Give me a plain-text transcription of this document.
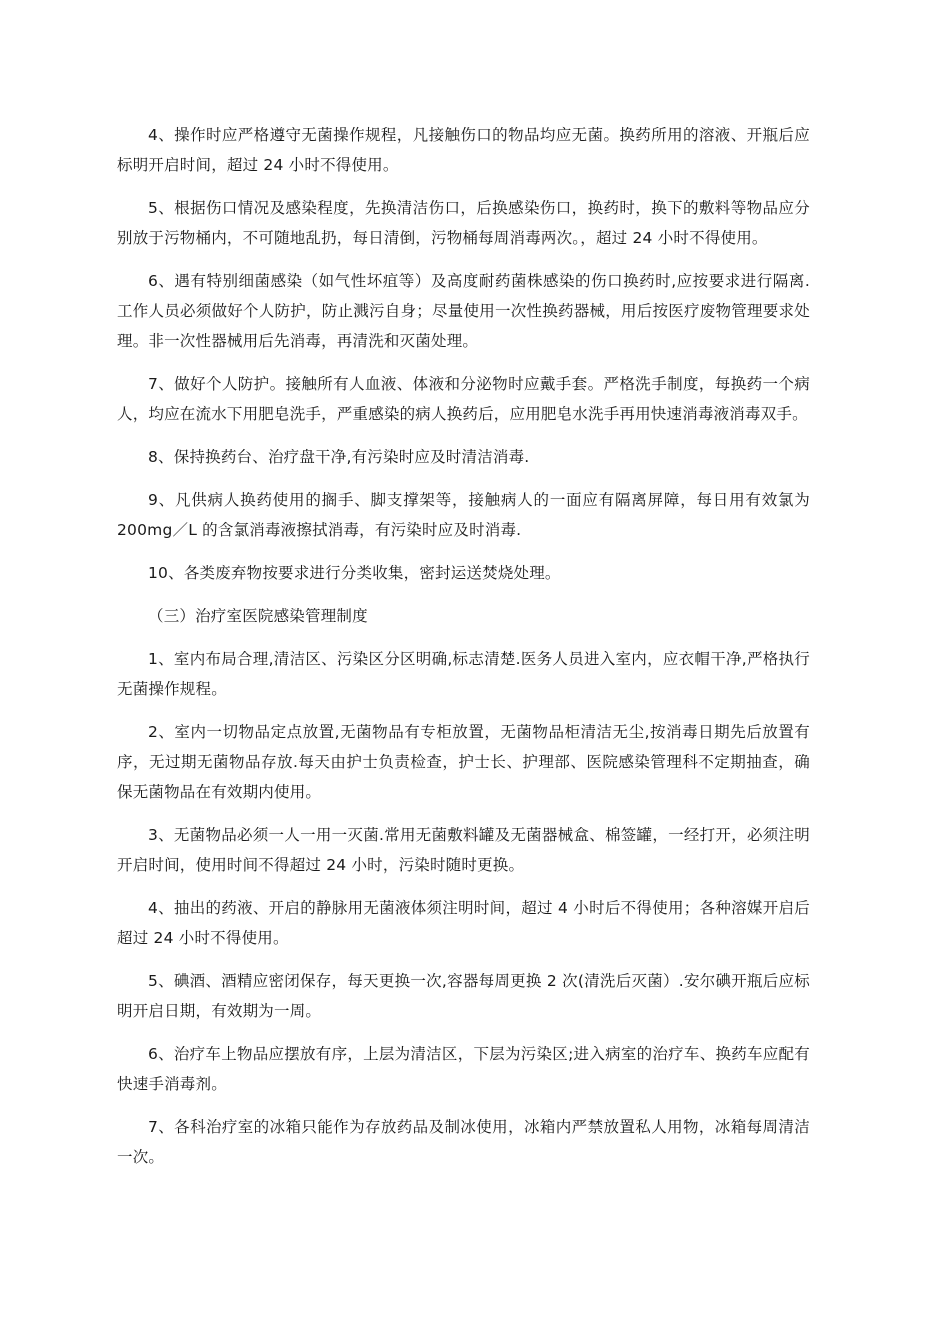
4、操作时应严格遵守无菌操作规程，凡接触伤口的物品均应无菌。换药所用的溶液、开瓶后应标明开启时间，超过 24 小时不得使用。

5、根据伤口情况及感染程度，先换清洁伤口，后换感染伤口，换药时，换下的敷料等物品应分别放于污物桶内，不可随地乱扔，每日清倒，污物桶每周消毒两次。，超过 24 小时不得使用。

6、遇有特别细菌感染（如气性坏疽等）及高度耐药菌株感染的伤口换药时,应按要求进行隔离.工作人员必须做好个人防护，防止溅污自身；尽量使用一次性换药器械，用后按医疗废物管理要求处理。非一次性器械用后先消毒，再清洗和灭菌处理。

7、做好个人防护。接触所有人血液、体液和分泌物时应戴手套。严格洗手制度，每换药一个病人，均应在流水下用肥皂洗手，严重感染的病人换药后，应用肥皂水洗手再用快速消毒液消毒双手。

8、保持换药台、治疗盘干净,有污染时应及时清洁消毒.

9、凡供病人换药使用的搁手、脚支撑架等，接触病人的一面应有隔离屏障，每日用有效氯为 200mg／L 的含氯消毒液擦拭消毒，有污染时应及时消毒.

10、各类废弃物按要求进行分类收集，密封运送焚烧处理。

（三）治疗室医院感染管理制度

1、室内布局合理,清洁区、污染区分区明确,标志清楚.医务人员进入室内，应衣帽干净,严格执行无菌操作规程。

2、室内一切物品定点放置,无菌物品有专柜放置，无菌物品柜清洁无尘,按消毒日期先后放置有序，无过期无菌物品存放.每天由护士负责检查，护士长、护理部、医院感染管理科不定期抽查，确保无菌物品在有效期内使用。

3、无菌物品必须一人一用一灭菌.常用无菌敷料罐及无菌器械盒、棉签罐，一经打开，必须注明开启时间，使用时间不得超过 24 小时，污染时随时更换。

4、抽出的药液、开启的静脉用无菌液体须注明时间，超过 4 小时后不得使用；各种溶媒开启后超过 24 小时不得使用。

5、碘酒、酒精应密闭保存，每天更换一次,容器每周更换 2 次(清洗后灭菌）.安尔碘开瓶后应标明开启日期，有效期为一周。

6、治疗车上物品应摆放有序，上层为清洁区，下层为污染区;进入病室的治疗车、换药车应配有快速手消毒剂。

7、各科治疗室的冰箱只能作为存放药品及制冰使用，冰箱内严禁放置私人用物，冰箱每周清洁一次。
